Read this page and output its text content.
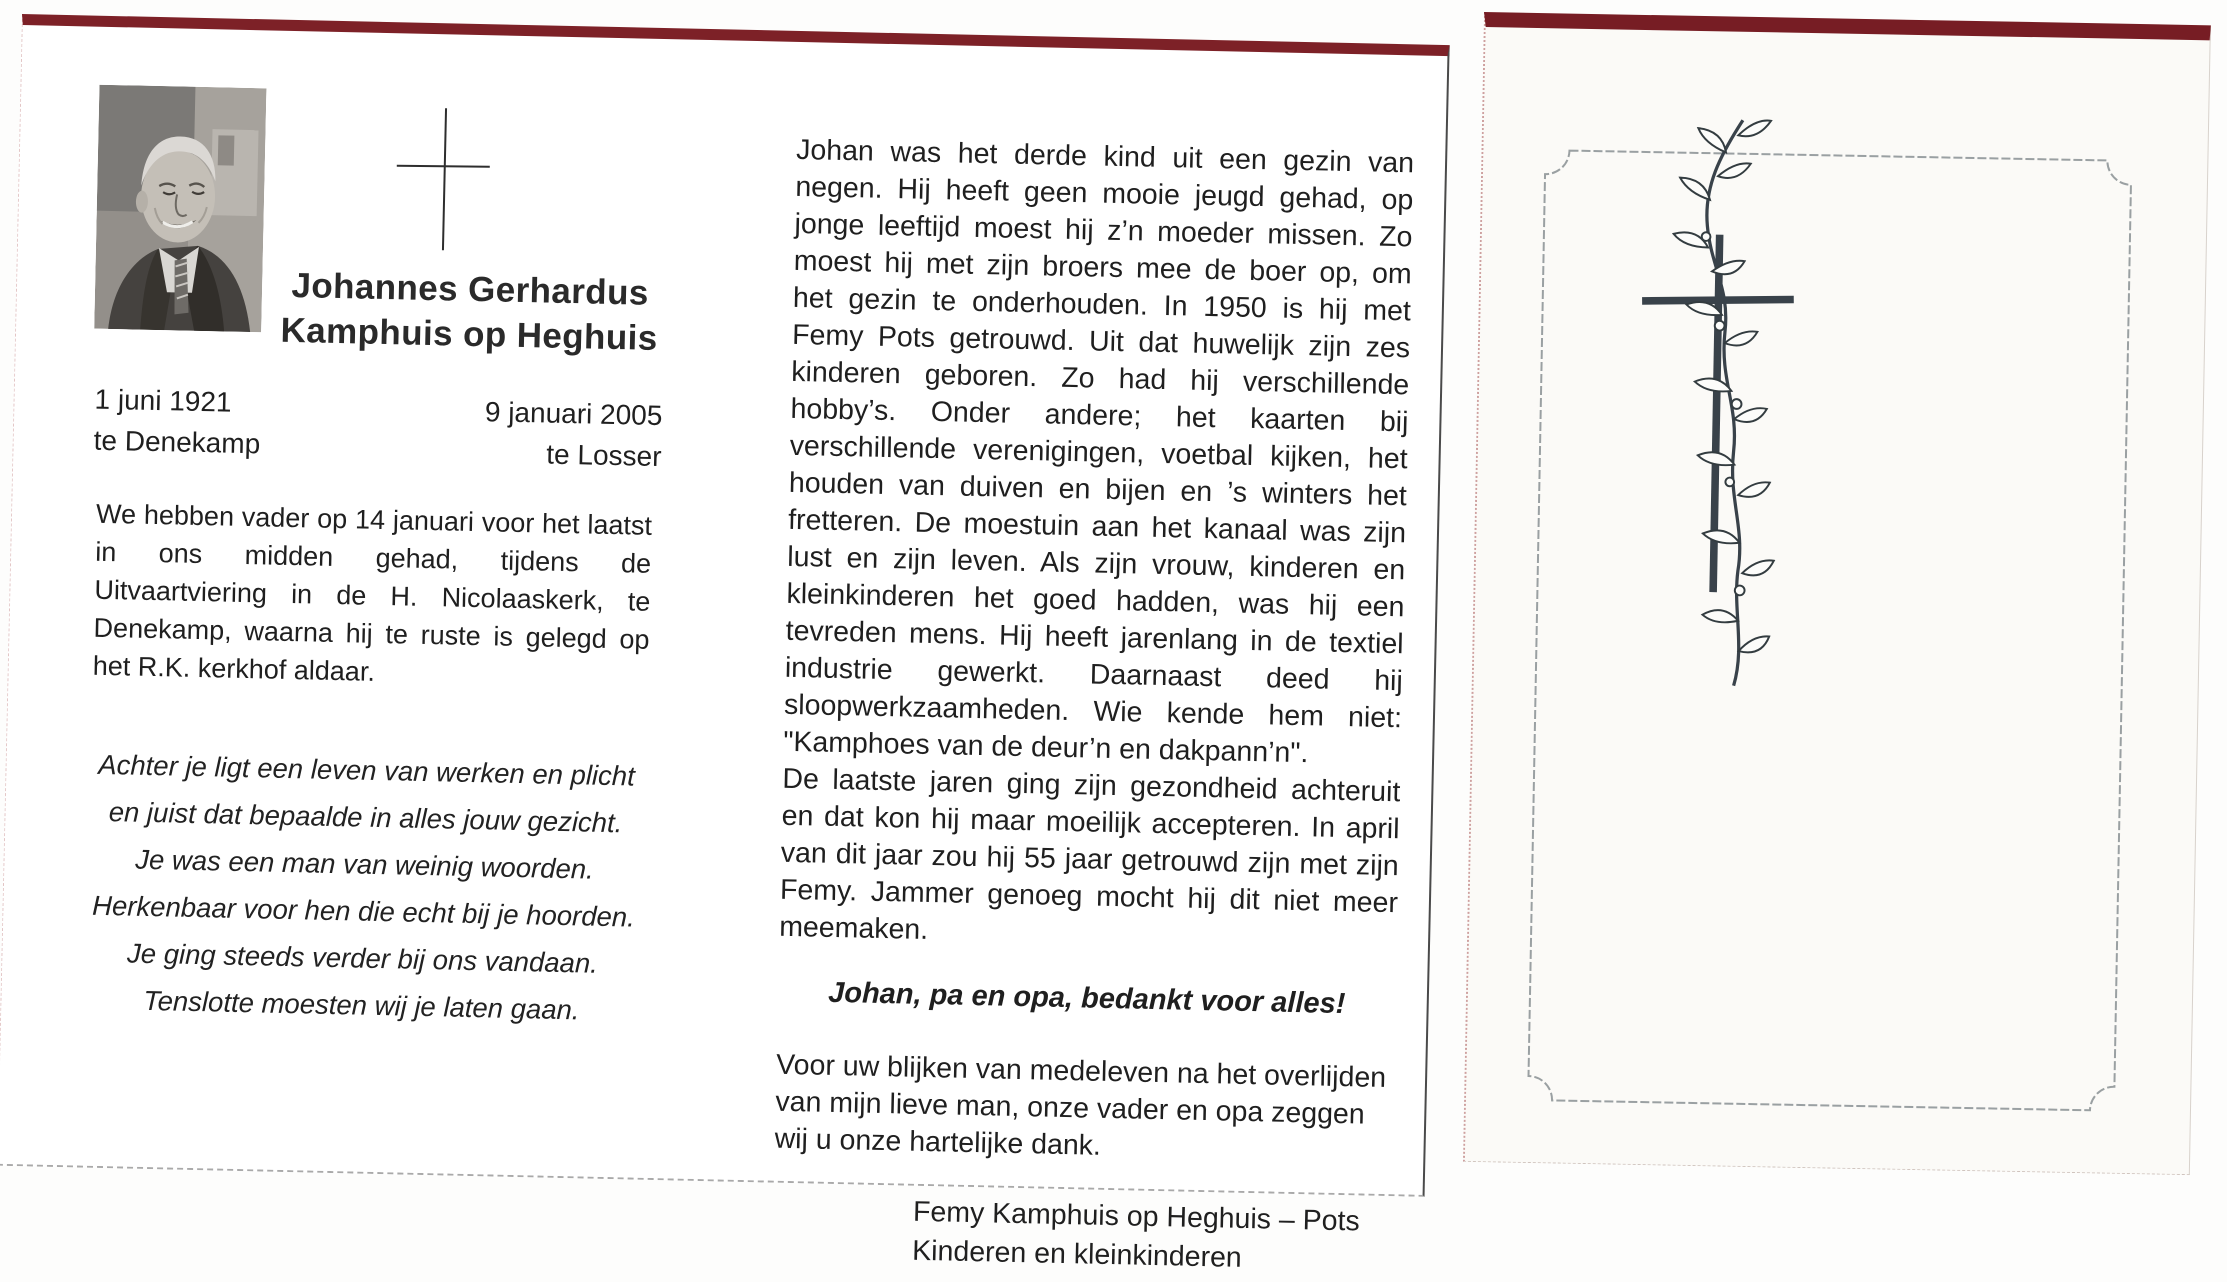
Johannes Gerhardus
Kamphuis op Heghuis
1 juni 1921
te Denekamp
9 januari 2005
te Losser
We hebben vader op 14 januari voor het laatst in ons midden gehad, tijdens de Uitvaartviering in de H. Nicolaaskerk, te Denekamp, waarna hij te ruste is gelegd op het R.K. kerkhof aldaar.
Achter je ligt een leven van werken en plicht
en juist dat bepaalde in alles jouw gezicht.
Je was een man van weinig woorden.
Herkenbaar voor hen die echt bij je hoorden.
Je ging steeds verder bij ons vandaan.
Tenslotte moesten wij je laten gaan.

Johan was het derde kind uit een gezin van negen. Hij heeft geen mooie jeugd gehad, op jonge leeftijd moest hij z’n moeder missen. Zo moest hij met zijn broers mee de boer op, om het gezin te onderhouden. In 1950 is hij met Femy Pots getrouwd. Uit dat huwelijk zijn zes kinderen geboren. Zo had hij verschillende hobby’s. Onder andere; het kaarten bij verschillende verenigingen, voetbal kijken, het houden van duiven en bijen en ’s winters het fretteren. De moestuin aan het kanaal was zijn lust en zijn leven. Als zijn vrouw, kinderen en kleinkinderen het goed hadden, was hij een tevreden mens. Hij heeft jarenlang in de textiel industrie gewerkt. Daarnaast deed hij sloopwerkzaamheden. Wie kende hem niet: "Kamphoes van de deur’n en dakpann’n".

De laatste jaren ging zijn gezondheid achteruit en dat kon hij maar moeilijk accepteren. In april van dit jaar zou hij 55 jaar getrouwd zijn met zijn Femy. Jammer genoeg mocht hij dit niet meer meemaken.

Johan, pa en opa, bedankt voor alles!

Voor uw blijken van medeleven na het overlijden van mijn lieve man, onze vader en opa zeggen wij u onze hartelijke dank.

Femy Kamphuis op Heghuis – Pots
Kinderen en kleinkinderen
